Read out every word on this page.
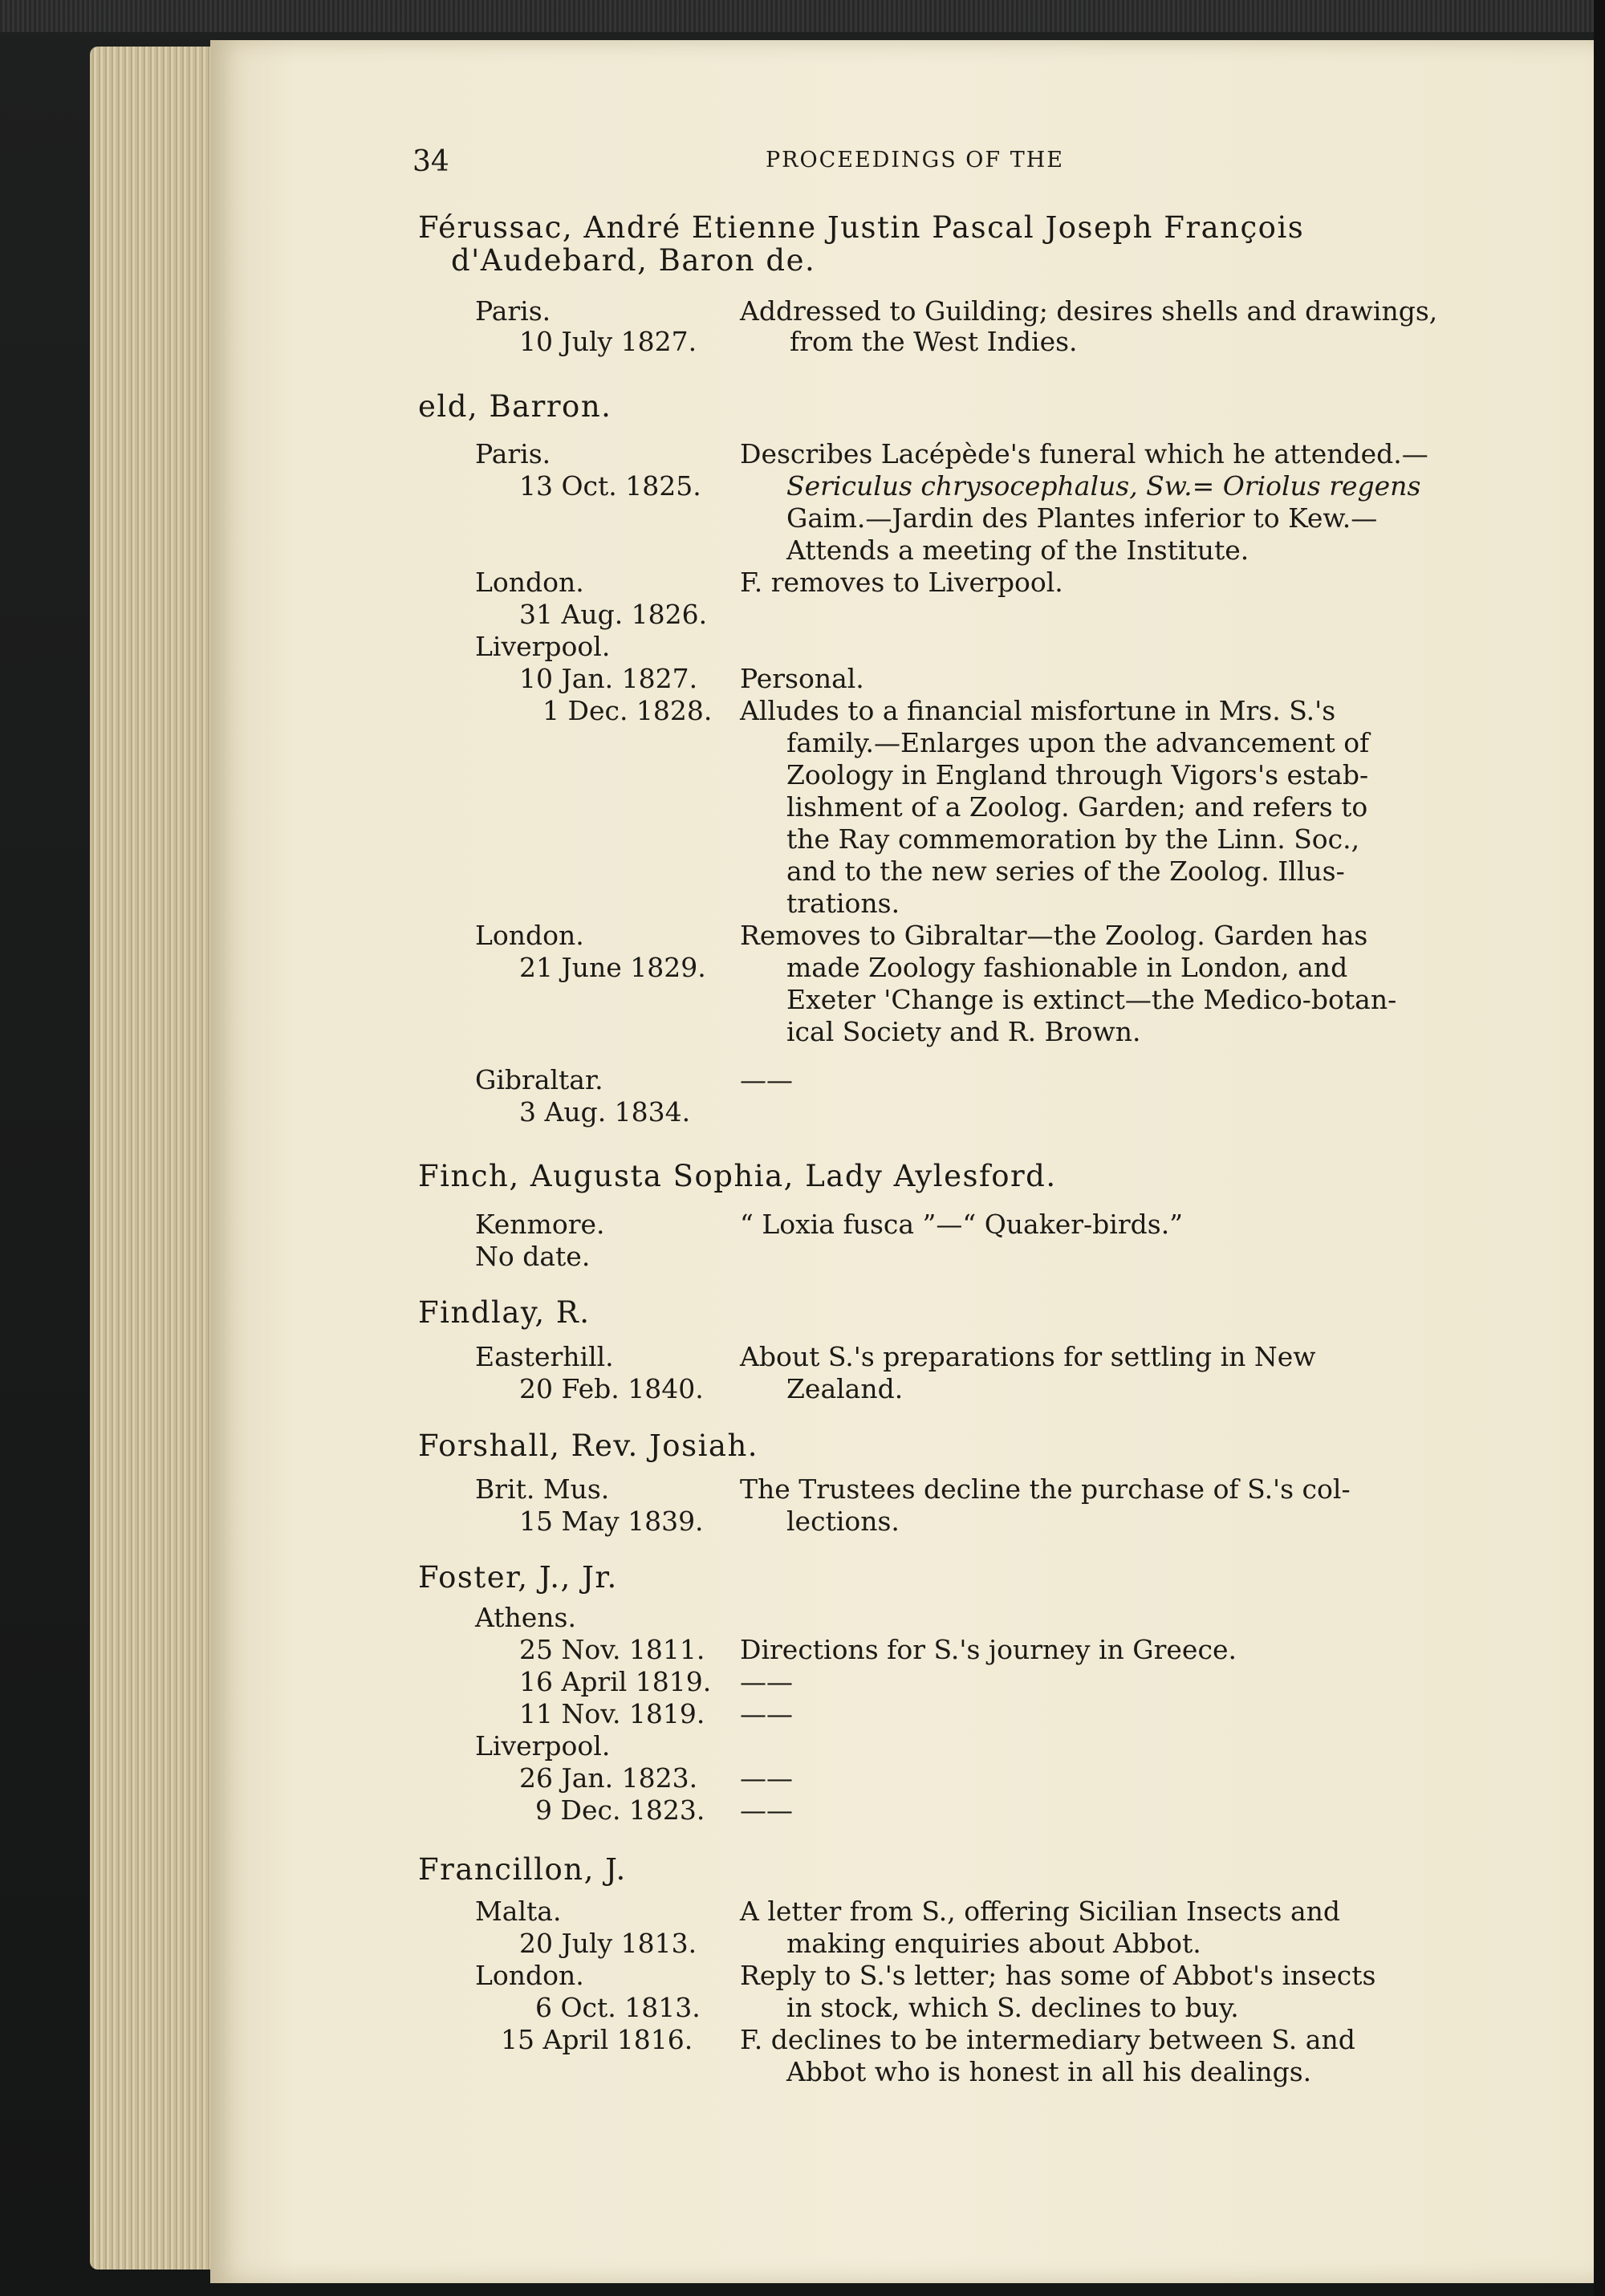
34	PROCEEDINGS OF THE
Férussac, André Etienne Justin Pascal Joseph François
d'Audebard, Baron de.
Paris.
10 July 1827.
Addressed to Guilding; desires shells and drawings,
from the West Indies.
eld, Barron.
Paris.
13 Oct. 1825.
Describes Lacépède's funeral which he attended.—
Sericulus chrysocephalus, Sw.= Oriolus regens
Gaim.—Jardin des Plantes inferior to Kew.—
Attends a meeting of the Institute.
London.
31 Aug. 1826.
F. removes to Liverpool.
Liverpool.
10 Jan. 1827. Personal.
1 Dec. 1828. Alludes to a financial misfortune in Mrs. S.'s
family.—Enlarges upon the advancement of
Zoology in England through Vigors's estab-
lishment of a Zoolog. Garden; and refers to
the Ray commemoration by the Linn. Soc.,
and to the new series of the Zoolog. Illus-
trations.
London.
21 June 1829.
Removes to Gibraltar—the Zoolog. Garden has
made Zoology fashionable in London, and
Exeter 'Change is extinct—the Medico-botan-
ical Society and R. Brown.
Gibraltar.
3 Aug. 1834.
——
Finch, Augusta Sophia, Lady Aylesford.
Kenmore.
No date.
“ Loxia fusca ”—“ Quaker-birds.”
Findlay, R.
Easterhill.
20 Feb. 1840.
About S.'s preparations for settling in New
Zealand.
Forshall, Rev. Josiah.
Brit. Mus.
15 May 1839.
The Trustees decline the purchase of S.'s col-
lections.
Foster, J., Jr.
Athens.
25 Nov. 1811. Directions for S.'s journey in Greece.
16 April 1819. ——
11 Nov. 1819. ——
Liverpool.
26 Jan. 1823. ——
9 Dec. 1823. ——
Francillon, J.
Malta.
20 July 1813.
A letter from S., offering Sicilian Insects and
making enquiries about Abbot.
London.
6 Oct. 1813.
Reply to S.'s letter; has some of Abbot's insects
in stock, which S. declines to buy.
15 April 1816. F. declines to be intermediary between S. and
Abbot who is honest in all his dealings.
